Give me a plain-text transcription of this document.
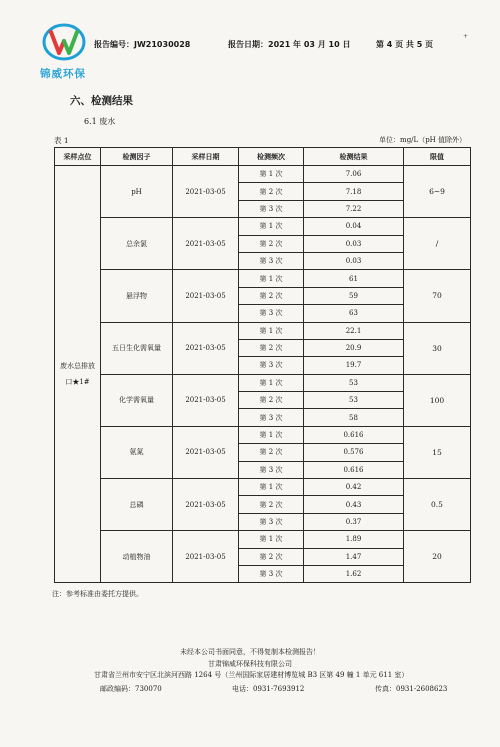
锦威环保
报告编号：JW21030028	报告日期：2021 年 03 月 10 日	第 4 页 共 5 页
+
六、检测结果
6.1 废水
表 1	单位：mg/L（pH 值除外）
采样点位	检测因子	采样日期	检测频次	检测结果	限值
废水总排放口★1#	pH	2021-03-05	第 1 次	7.06	6~9
			第 2 次	7.18	
			第 3 次	7.22	
	总余氯	2021-03-05	第 1 次	0.04	/
			第 2 次	0.03	
			第 3 次	0.03	
	悬浮物	2021-03-05	第 1 次	61	70
			第 2 次	59	
			第 3 次	63	
	五日生化需氧量	2021-03-05	第 1 次	22.1	30
			第 2 次	20.9	
			第 3 次	19.7	
	化学需氧量	2021-03-05	第 1 次	53	100
			第 2 次	53	
			第 3 次	58	
	氨氮	2021-03-05	第 1 次	0.616	15
			第 2 次	0.576	
			第 3 次	0.616	
	总磷	2021-03-05	第 1 次	0.42	0.5
			第 2 次	0.43	
			第 3 次	0.37	
	动植物油	2021-03-05	第 1 次	1.89	20
			第 2 次	1.47	
			第 3 次	1.62	
注：参考标准由委托方提供。
未经本公司书面同意，不得复制本检测报告！
甘肃锦威环保科技有限公司
甘肃省兰州市安宁区北滨河西路 1264 号（兰州国际家居建材博览城 B3 区第 49 幢 1 单元 611 室）
邮政编码：730070	电话：0931-7693912	传真：0931-2608623
